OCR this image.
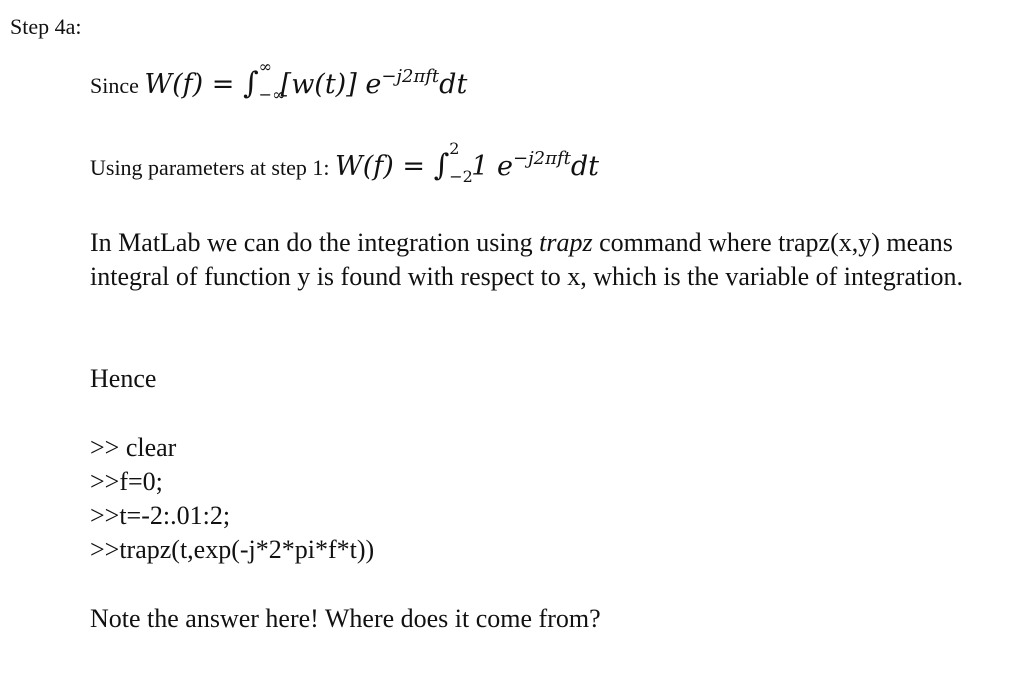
Step 4a:
Since W(f) = ∫ ∞
−∞
[w(t)] $e^{-j2\pi ft}dt$
Using parameters at step 1: W(f) = ∫ 2
−2
1 $e^{-j2\pi ft}dt$
In MatLab we can do the integration using trapz command where trapz(x,y) means integral of function y is found with respect to x, which is the variable of integration.
Hence
>> clear
>>f=0;
>>t=-2:.01:2;
>>trapz(t,exp(-j*2*pi*f*t))
Note the answer here! Where does it come from?
